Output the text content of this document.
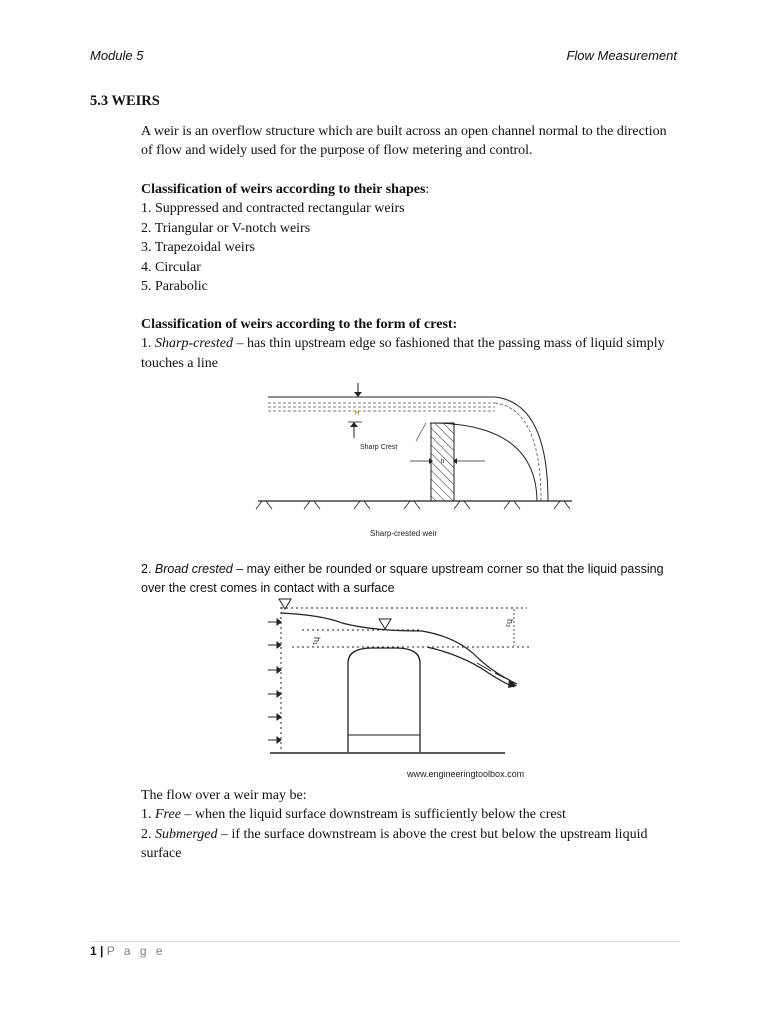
Module 5	Flow Measurement
5.3 WEIRS
A weir is an overflow structure which are built across an open channel normal to the direction of flow and widely used for the purpose of flow metering and control.
Classification of weirs according to their shapes:
1. Suppressed and contracted rectangular weirs
2. Triangular or V-notch weirs
3. Trapezoidal weirs
4. Circular
5. Parabolic
Classification of weirs according to the form of crest:
1. Sharp-crested – has thin upstream edge so fashioned that the passing mass of liquid simply touches a line
H
Sharp Crest
b
Sharp-crested weir
2. Broad crested – may either be rounded or square upstream corner so that the liquid passing over the crest comes in contact with a surface
h₁
h₂
www.engineeringtoolbox.com
The flow over a weir may be:
1. Free – when the liquid surface downstream is sufficiently below the crest
2. Submerged – if the surface downstream is above the crest but below the upstream liquid surface
1 | P a g e
